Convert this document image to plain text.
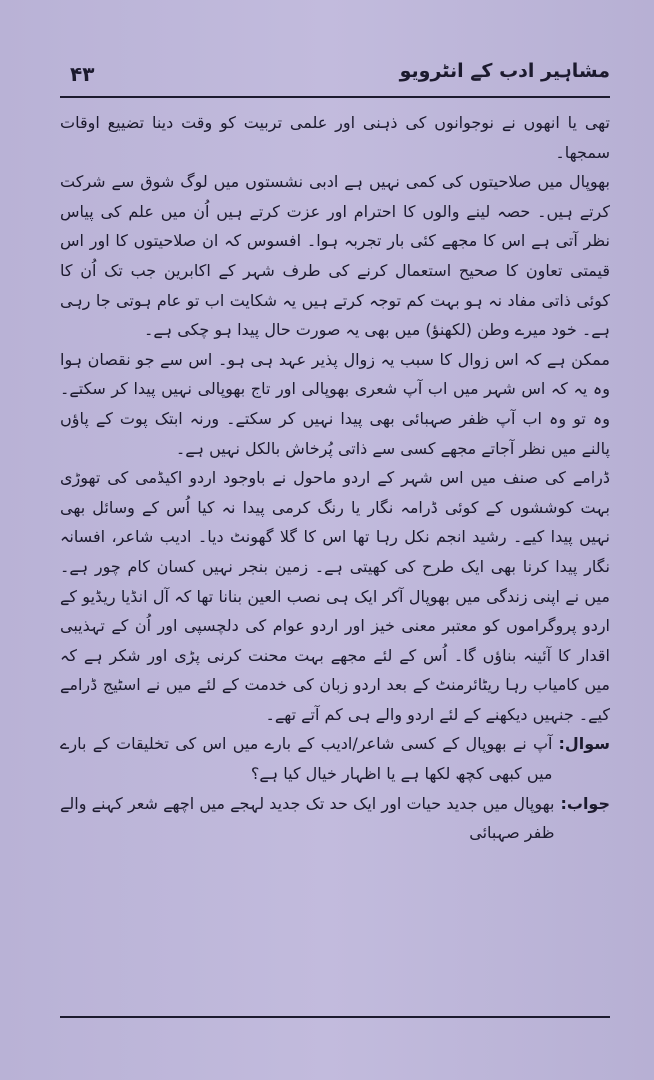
۴۳	مشاہیر ادب کے انٹرویو

تھی یا انھوں نے نوجوانوں کی ذہنی اور علمی تربیت کو وقت دینا تضییع اوقات سمجھا۔

بھوپال میں صلاحیتوں کی کمی نہیں ہے ادبی نشستوں میں لوگ شوق سے شرکت کرتے ہیں۔ حصہ لینے والوں کا احترام اور عزت کرتے ہیں اُن میں علم کی پیاس نظر آتی ہے اس کا مجھے کئی بار تجربہ ہوا۔ افسوس کہ ان صلاحیتوں کا اور اس قیمتی تعاون کا صحیح استعمال کرنے کی طرف شہر کے اکابرین جب تک اُن کا کوئی ذاتی مفاد نہ ہو بہت کم توجہ کرتے ہیں یہ شکایت اب تو عام ہوتی جا رہی ہے۔ خود میرے وطن (لکھنؤ) میں بھی یہ صورت حال پیدا ہو چکی ہے۔

ممکن ہے کہ اس زوال کا سبب یہ زوال پذیر عہد ہی ہو۔ اس سے جو نقصان ہوا وہ یہ کہ اس شہر میں اب آپ شعری بھوپالی اور تاج بھوپالی نہیں پیدا کر سکتے۔ وہ تو وہ اب آپ ظفر صہبائی بھی پیدا نہیں کر سکتے۔ ورنہ ابتک پوت کے پاؤں پالنے میں نظر آجاتے مجھے کسی سے ذاتی پُرخاش بالکل نہیں ہے۔

ڈرامے کی صنف میں اس شہر کے اردو ماحول نے باوجود اردو اکیڈمی کی تھوڑی بہت کوششوں کے کوئی ڈرامہ نگار یا رنگ کرمی پیدا نہ کیا اُس کے وسائل بھی نہیں پیدا کیے۔ رشید انجم نکل رہا تھا اس کا گلا گھونٹ دیا۔ ادیب شاعر، افسانہ نگار پیدا کرنا بھی ایک طرح کی کھیتی ہے۔ زمین بنجر نہیں کسان کام چور ہے۔ میں نے اپنی زندگی میں بھوپال آکر ایک ہی نصب العین بنانا تھا کہ آل انڈیا ریڈیو کے اردو پروگراموں کو معتبر معنی خیز اور اردو عوام کی دلچسپی اور اُن کے تہذیبی اقدار کا آئینہ بناؤں گا۔ اُس کے لئے مجھے بہت محنت کرنی پڑی اور شکر ہے کہ میں کامیاب رہا ریٹائرمنٹ کے بعد اردو زبان کی خدمت کے لئے میں نے اسٹیج ڈرامے کیے۔ جنہیں دیکھنے کے لئے اردو والے ہی کم آتے تھے۔

سوال:
آپ نے بھوپال کے کسی شاعر/ادیب کے بارے میں اس کی تخلیقات کے بارے میں کبھی کچھ لکھا ہے یا اظہار خیال کیا ہے؟
جواب:
بھوپال میں جدید حیات اور ایک حد تک جدید لہجے میں اچھے شعر کہنے والے ظفر صہبائی
